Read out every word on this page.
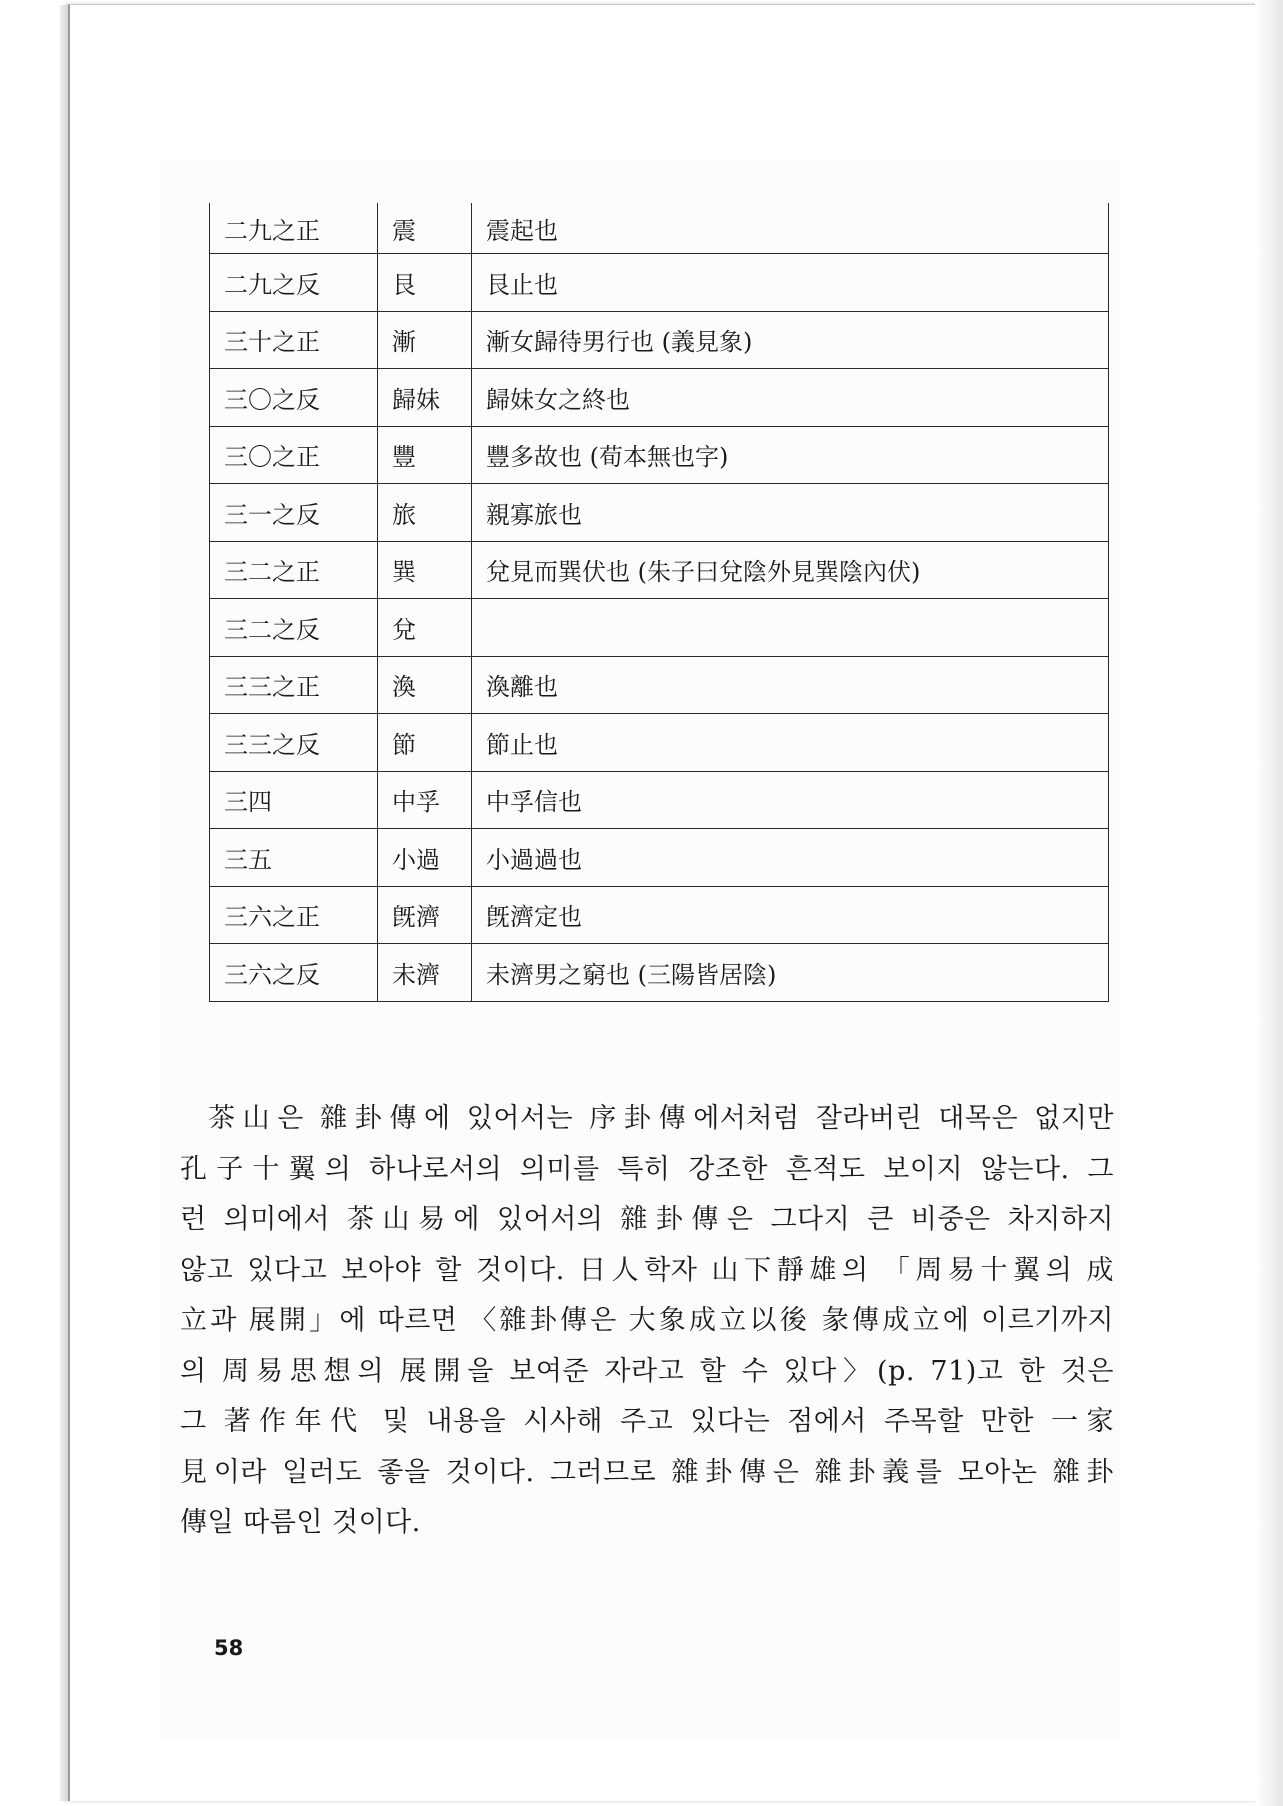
二九之正	震	震起也
二九之反	艮	艮止也
三十之正	漸	漸女歸待男行也 (義見象)
三〇之反	歸妹	歸妹女之終也
三〇之正	豐	豐多故也 (荀本無也字)
三一之反	旅	親寡旅也
三二之正	巽	兌見而巽伏也 (朱子曰兌陰外見巽陰內伏)
三二之反	兌	
三三之正	渙	渙離也
三三之反	節	節止也
三四	中孚	中孚信也
三五	小過	小過過也
三六之正	旣濟	旣濟定也
三六之反	未濟	未濟男之窮也 (三陽皆居陰)
茶山은 雜卦傳에 있어서는 序卦傳에서처럼 잘라버린 대목은 없지만
孔子十翼의 하나로서의 의미를 특히 강조한 흔적도 보이지 않는다. 그
런 의미에서 茶山易에 있어서의 雜卦傳은 그다지 큰 비중은 차지하지
않고 있다고 보아야 할 것이다. 日人학자 山下靜雄의 「周易十翼의 成
立과 展開」에 따르면 〈雜卦傳은 大象成立以後 彖傳成立에 이르기까지
의 周易思想의 展開을 보여준 자라고 할 수 있다〉(p. 71)고 한 것은
그 著作年代 및 내용을 시사해 주고 있다는 점에서 주목할 만한 一家
見이라 일러도 좋을 것이다. 그러므로 雜卦傳은 雜卦義를 모아논 雜卦
傳일 따름인 것이다.
58
